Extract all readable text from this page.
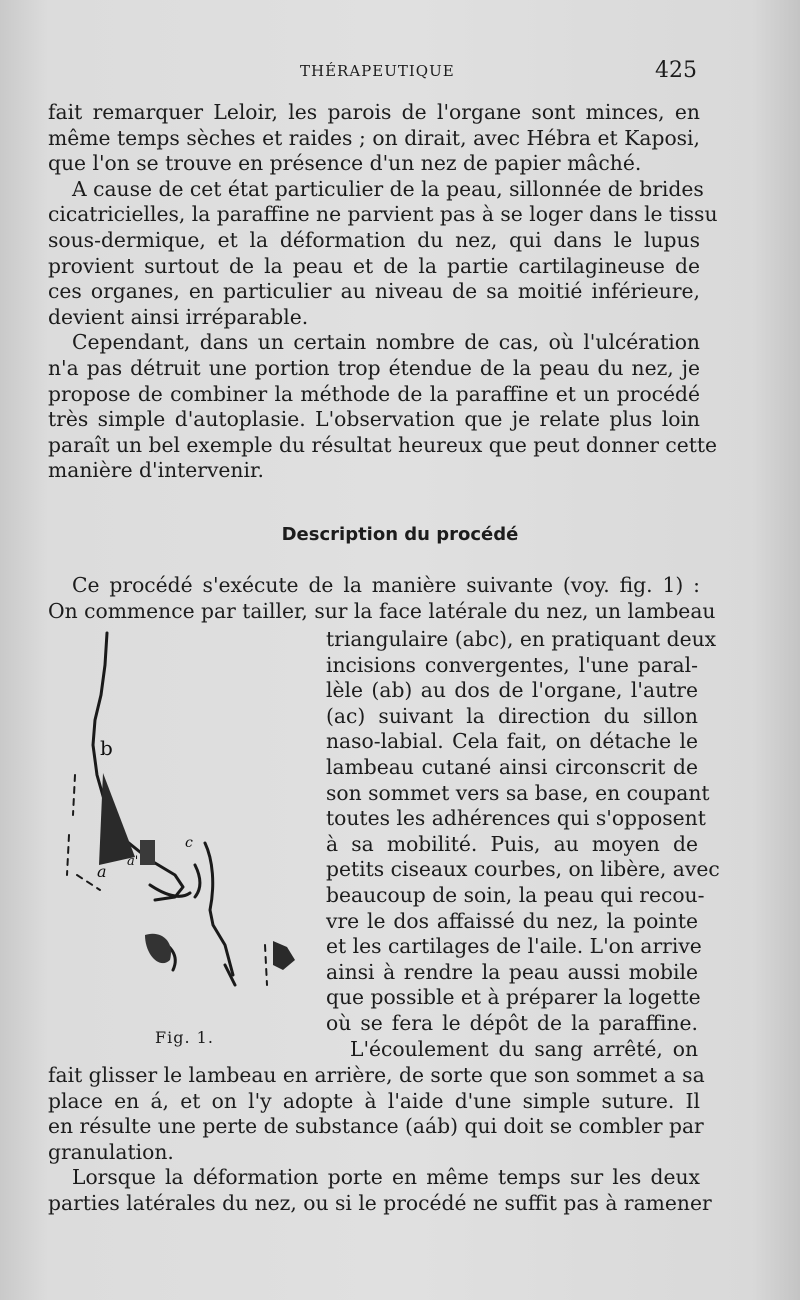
THÉRAPEUTIQUE	425

fait remarquer Leloir, les parois de l'organe sont minces, en
même temps sèches et raides ; on dirait, avec Hébra et Kaposi,
que l'on se trouve en présence d'un nez de papier mâché.

A cause de cet état particulier de la peau, sillonnée de brides
cicatricielles, la paraffine ne parvient pas à se loger dans le tissu
sous-dermique, et la déformation du nez, qui dans le lupus
provient surtout de la peau et de la partie cartilagineuse de
ces organes, en particulier au niveau de sa moitié inférieure,
devient ainsi irréparable.

Cependant, dans un certain nombre de cas, où l'ulcération
n'a pas détruit une portion trop étendue de la peau du nez, je
propose de combiner la méthode de la paraffine et un procédé
très simple d'autoplasie. L'observation que je relate plus loin
paraît un bel exemple du résultat heureux que peut donner cette
manière d'intervenir.

Description du procédé

Ce procédé s'exécute de la manière suivante (voy. fig. 1) :
On commence par tailler, sur la face latérale du nez, un lambeau

b
a
a'
c
Fig. 1.
triangulaire (abc), en pratiquant deux
incisions convergentes, l'une paral-
lèle (ab) au dos de l'organe, l'autre
(ac) suivant la direction du sillon
naso-labial. Cela fait, on détache le
lambeau cutané ainsi circonscrit de
son sommet vers sa base, en coupant
toutes les adhérences qui s'opposent
à sa mobilité. Puis, au moyen de
petits ciseaux courbes, on libère, avec
beaucoup de soin, la peau qui recou-
vre le dos affaissé du nez, la pointe
et les cartilages de l'aile. L'on arrive
ainsi à rendre la peau aussi mobile
que possible et à préparer la logette
où se fera le dépôt de la paraffine.
L'écoulement du sang arrêté, on

fait glisser le lambeau en arrière, de sorte que son sommet a sa
place en á, et on l'y adopte à l'aide d'une simple suture. Il
en résulte une perte de substance (aáb) qui doit se combler par
granulation.

Lorsque la déformation porte en même temps sur les deux
parties latérales du nez, ou si le procédé ne suffit pas à ramener
